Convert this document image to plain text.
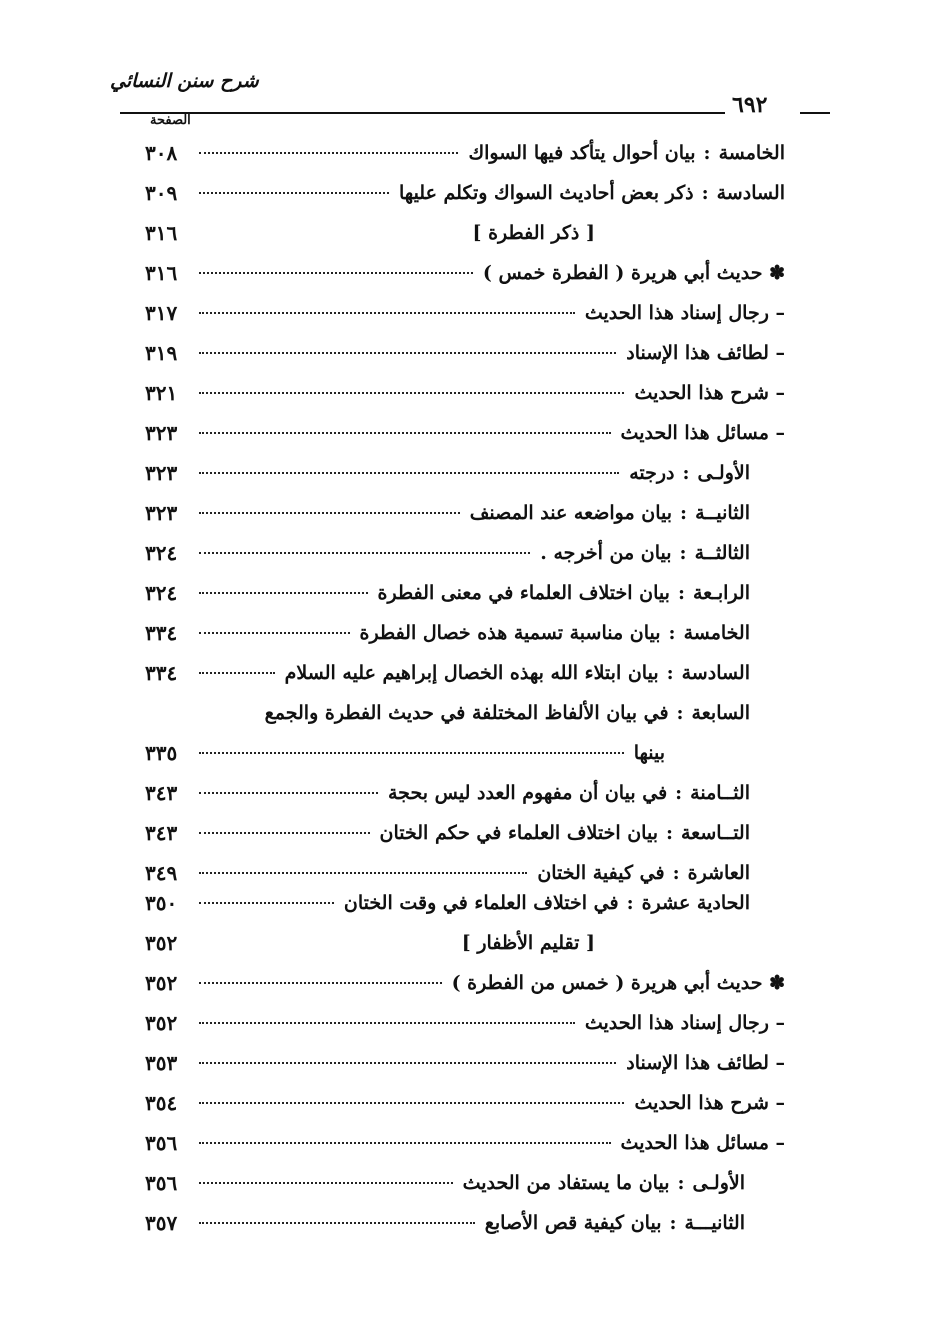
شرح سنن النسائي
٦٩٢
الصفحة
الخامسة:بيان أحوال يتأكد فيها السواك
٣٠٨
السادسة:ذكر بعض أحاديث السواك وتكلم عليها
٣٠٩
[ ذكر الفطرة ]
٣١٦
✽ حديث أبي هريرة ( الفطرة خمس )
٣١٦
– رجال إسناد هذا الحديث
٣١٧
– لطائف هذا الإسناد
٣١٩
– شرح هذا الحديث
٣٢١
– مسائل هذا الحديث
٣٢٣
الأولـى:درجته
٣٢٣
الثانيــة:بيان مواضعه عند المصنف
٣٢٣
الثالثــة:بيان من أخرجه .
٣٢٤
الرابـعة:بيان اختلاف العلماء في معنى الفطرة
٣٢٤
الخامسة:بيان مناسبة تسمية هذه خصال الفطرة
٣٣٤
السادسة:بيان ابتلاء الله بهذه الخصال إبراهيم عليه السلام
٣٣٤
السابعة:في بيان الألفاظ المختلفة في حديث الفطرة والجمع
بينها
٣٣٥
الثــامنة:في بيان أن مفهوم العدد ليس بحجة
٣٤٣
التــاسعة:بيان اختلاف العلماء في حكم الختان
٣٤٣
العاشرة:في كيفية الختان
٣٤٩
الحادية عشرة:في اختلاف العلماء في وقت الختان
٣٥٠
[ تقليم الأظفار ]
٣٥٢
✽ حديث أبي هريرة ( خمس من الفطرة )
٣٥٢
– رجال إسناد هذا الحديث
٣٥٢
– لطائف هذا الإسناد
٣٥٣
– شرح هذا الحديث
٣٥٤
– مسائل هذا الحديث
٣٥٦
الأولـى:بيان ما يستفاد من الحديث
٣٥٦
الثانيـــة:بيان كيفية قص الأصابع
٣٥٧
